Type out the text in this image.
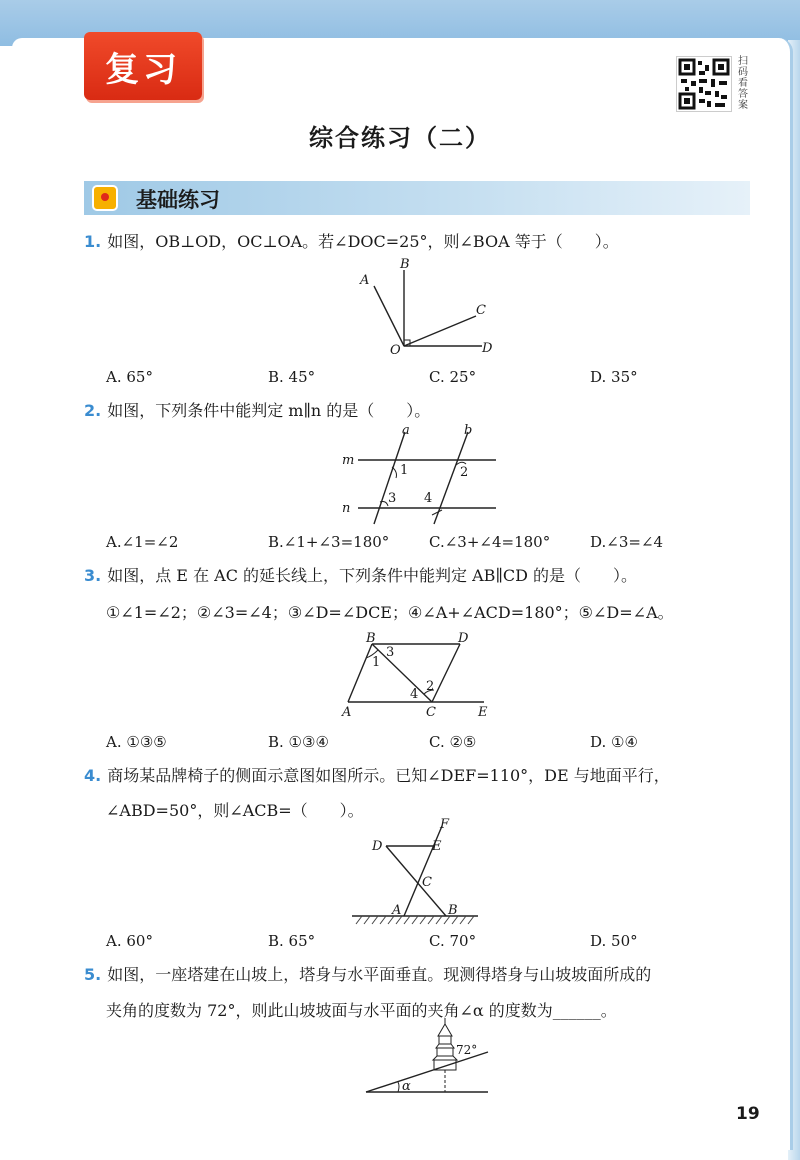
复习	扫码看答案
综合练习（二）
基础练习
1. 如图，OB⊥OD，OC⊥OA。若∠DOC=25°，则∠BOA 等于（　　）。
A
B
C
O	D
A. 65°	B. 45°	C. 25°	D. 35°
2. 如图，下列条件中能判定 m∥n 的是（　　）。
a	b
m
n
1	2
3 4
A.∠1=∠2	B.∠1+∠3=180°	C.∠3+∠4=180°	D.∠3=∠4
3. 如图，点 E 在 AC 的延长线上，下列条件中能判定 AB∥CD 的是（　　）。
①∠1=∠2；②∠3=∠4；③∠D=∠DCE；④∠A+∠ACD=180°；⑤∠D=∠A。
B	D
3
1
4
2
A	C	E
A. ①③⑤	B. ①③④	C. ②⑤	D. ①④
4. 商场某品牌椅子的侧面示意图如图所示。已知∠DEF=110°，DE 与地面平行，
∠ABD=50°，则∠ACB=（　　）。
F
D	E
C
A	B
A. 60°	B. 65°	C. 70°	D. 50°
5. 如图，一座塔建在山坡上，塔身与水平面垂直。现测得塔身与山坡坡面所成的
夹角的度数为 72°，则此山坡坡面与水平面的夹角∠α 的度数为______。
72°
α
19
